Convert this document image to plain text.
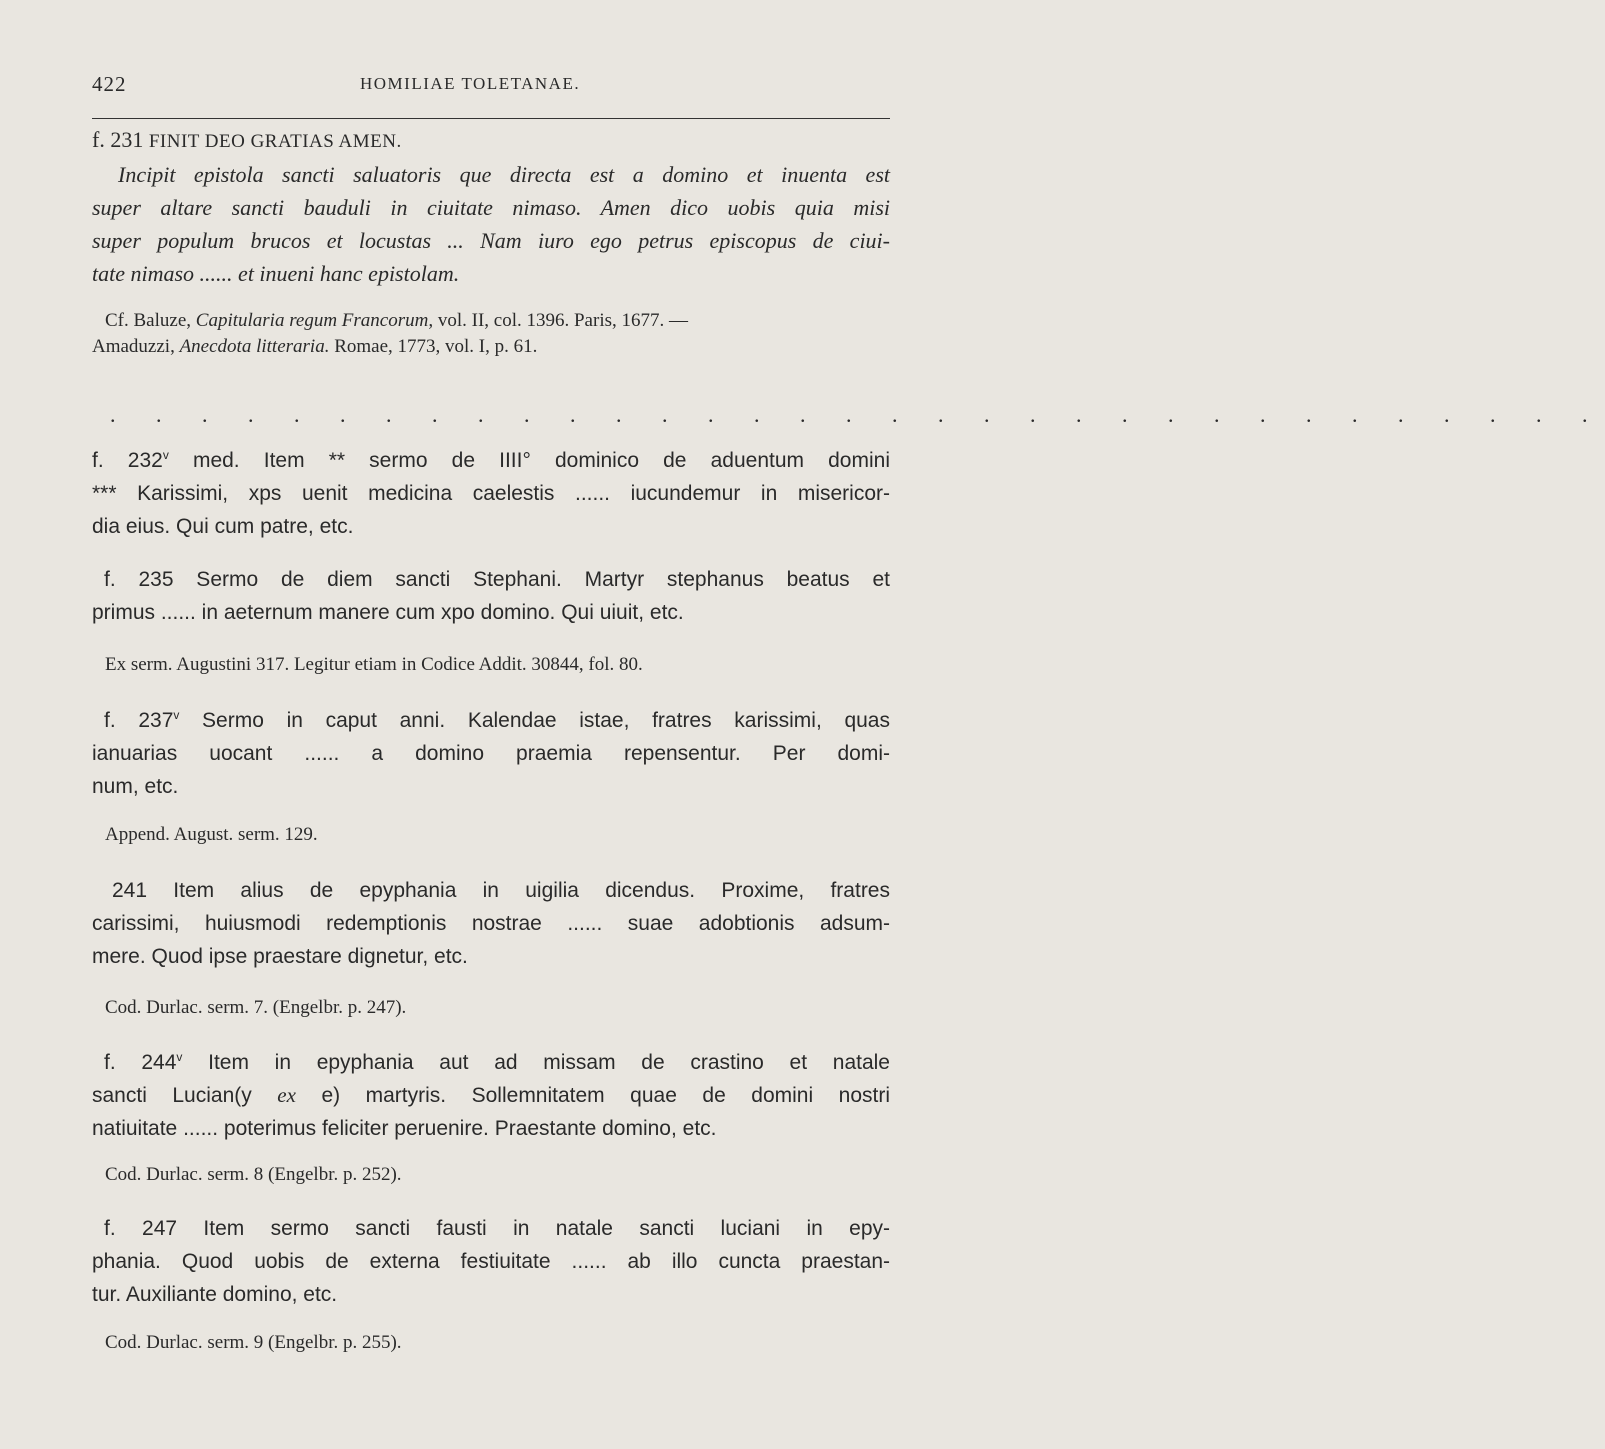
422	HOMILIAE TOLETANAE.
f. 231 FINIT DEO GRATIAS AMEN.
Incipit epistola sancti saluatoris que directa est a domino et inuenta est
super altare sancti bauduli in ciuitate nimaso. Amen dico uobis quia misi
super populum brucos et locustas ... Nam iuro ego petrus episcopus de ciui-
tate nimaso ...... et inueni hanc epistolam.
Cf. Baluze, Capitularia regum Francorum, vol. II, col. 1396. Paris, 1677. —
Amaduzzi, Anecdota litteraria. Romae, 1773, vol. I, p. 61.
. . . . . . . . . . . . . . . . . . . . . . . . . . . . . . . . .
f. 232$^v$ med. Item ** sermo de IIII° dominico de aduentum domini
*** Karissimi, xps uenit medicina caelestis ...... iucundemur in misericor-
dia eius. Qui cum patre, etc.
f. 235 Sermo de diem sancti Stephani. Martyr stephanus beatus et
primus ...... in aeternum manere cum xpo domino. Qui uiuit, etc.
Ex serm. Augustini 317. Legitur etiam in Codice Addit. 30844, fol. 80.
f. 237$^v$ Sermo in caput anni. Kalendae istae, fratres karissimi, quas
ianuarias uocant ...... a domino praemia repensentur. Per domi-
num, etc.
Append. August. serm. 129.
241 Item alius de epyphania in uigilia dicendus. Proxime, fratres
carissimi, huiusmodi redemptionis nostrae ...... suae adobtionis adsum-
mere. Quod ipse praestare dignetur, etc.
Cod. Durlac. serm. 7. (Engelbr. p. 247).
f. 244$^v$ Item in epyphania aut ad missam de crastino et natale
sancti Lucian(y ex e) martyris. Sollemnitatem quae de domini nostri
natiuitate ...... poterimus feliciter peruenire. Praestante domino, etc.
Cod. Durlac. serm. 8 (Engelbr. p. 252).
f. 247 Item sermo sancti fausti in natale sancti luciani in epy-
phania. Quod uobis de externa festiuitate ...... ab illo cuncta praestan-
tur. Auxiliante domino, etc.
Cod. Durlac. serm. 9 (Engelbr. p. 255).
